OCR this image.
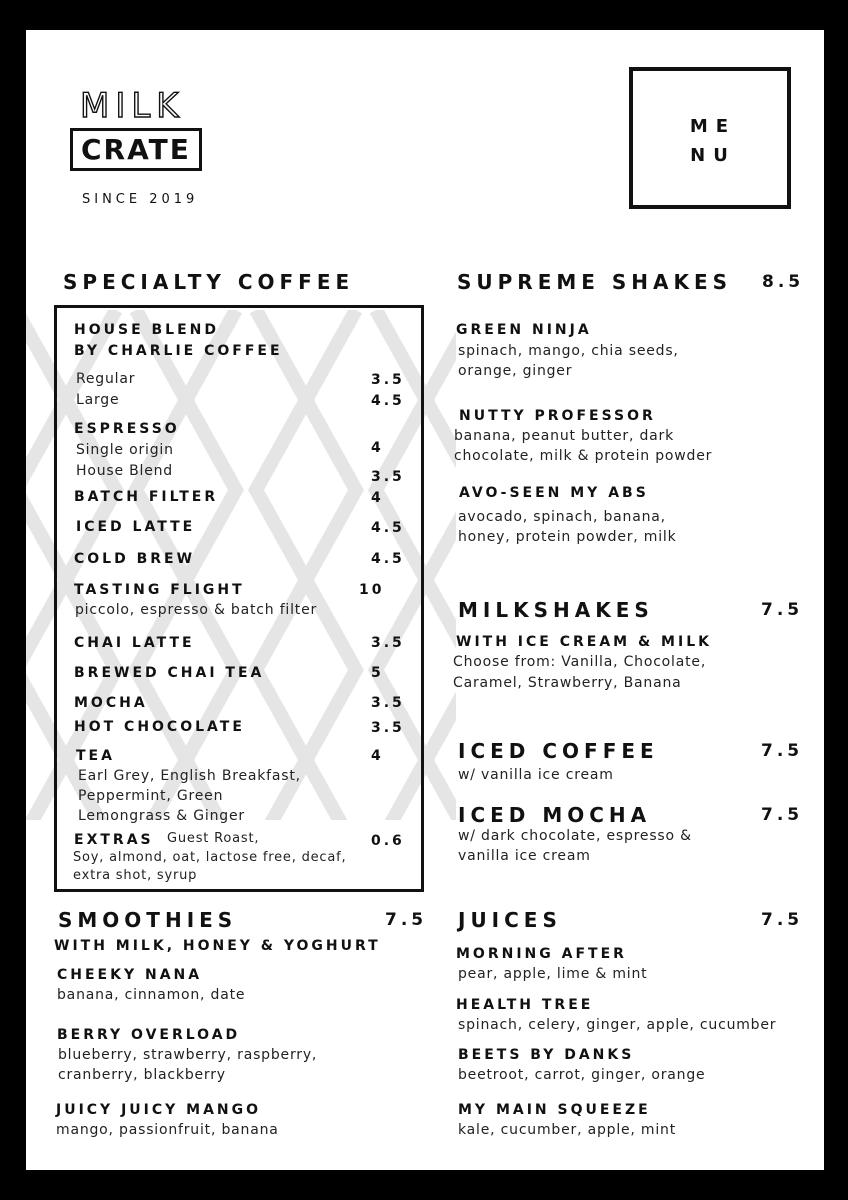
MILK
CRATE
SINCE 2019
ME
NU
SPECIALTY COFFEE
HOUSE BLEND
BY CHARLIE COFFEE
Regular	3.5
Large	4.5
ESPRESSO
Single origin	4
House Blend	3.5
BATCH FILTER	4
ICED LATTE	4.5
COLD BREW	4.5
TASTING FLIGHT	10
piccolo, espresso & batch filter
CHAI LATTE	3.5
BREWED CHAI TEA	5
MOCHA	3.5
HOT CHOCOLATE	3.5
TEA	4
Earl Grey, English Breakfast,
Peppermint, Green
Lemongrass & Ginger
EXTRAS Guest Roast,	0.6
Soy, almond, oat, lactose free, decaf,
extra shot, syrup
SMOOTHIES	7.5
WITH MILK, HONEY & YOGHURT
CHEEKY NANA
banana, cinnamon, date
BERRY OVERLOAD
blueberry, strawberry, raspberry,
cranberry, blackberry
JUICY JUICY MANGO
mango, passionfruit, banana
SUPREME SHAKES 8.5
GREEN NINJA
spinach, mango, chia seeds,
orange, ginger
NUTTY PROFESSOR
banana, peanut butter, dark
chocolate, milk & protein powder
AVO-SEEN MY ABS
avocado, spinach, banana,
honey, protein powder, milk
MILKSHAKES	7.5
WITH ICE CREAM & MILK
Choose from: Vanilla, Chocolate,
Caramel, Strawberry, Banana
ICED COFFEE	7.5
w/ vanilla ice cream
ICED MOCHA	7.5
w/ dark chocolate, espresso &
vanilla ice cream
JUICES	7.5
MORNING AFTER
pear, apple, lime & mint
HEALTH TREE
spinach, celery, ginger, apple, cucumber
BEETS BY DANKS
beetroot, carrot, ginger, orange
MY MAIN SQUEEZE
kale, cucumber, apple, mint
